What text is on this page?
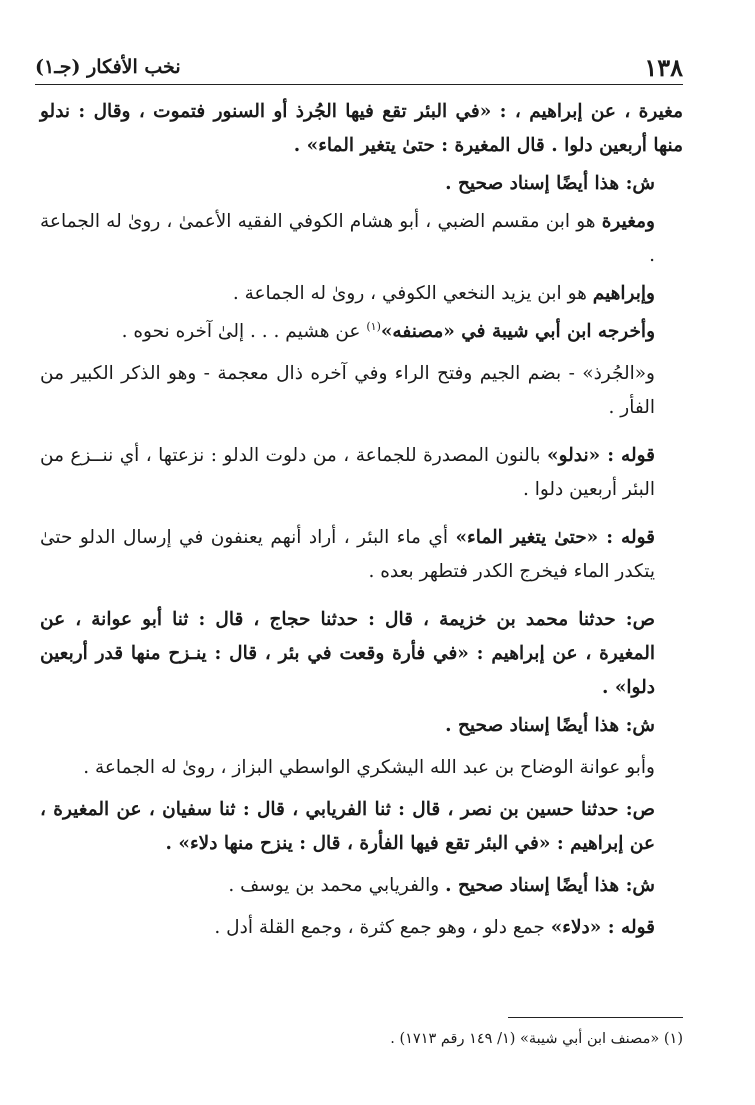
١٣٨
نخب الأفكار (جـ١)

مغيرة ، عن إبراهيم ، : «في البئر تقع فيها الجُرذ أو السنور فتموت ، وقال : ندلو منها أربعين دلوا . قال المغيرة : حتىٰ يتغير الماء» .

ش: هذا أيضًا إسناد صحيح .

ومغيرة هو ابن مقسم الضبي ، أبو هشام الكوفي الفقيه الأعمىٰ ، روىٰ له الجماعة .

وإبراهيم هو ابن يزيد النخعي الكوفي ، روىٰ له الجماعة .

وأخرجه ابن أبي شيبة في «مصنفه»$^{(١)}$ عن هشيم . . . إلىٰ آخره نحوه .

و«الجُرذ» - بضم الجيم وفتح الراء وفي آخره ذال معجمة - وهو الذكر الكبير من الفأر .

قوله : «ندلو» بالنون المصدرة للجماعة ، من دلوت الدلو : نزعتها ، أي ننــزع من البئر أربعين دلوا .

قوله : «حتىٰ يتغير الماء» أي ماء البئر ، أراد أنهم يعنفون في إرسال الدلو حتىٰ يتكدر الماء فيخرج الكدر فتطهر بعده .

ص: حدثنا محمد بن خزيمة ، قال : حدثنا حجاج ، قال : ثنا أبو عوانة ، عن المغيرة ، عن إبراهيم : «في فأرة وقعت في بئر ، قال : ينـزح منها قدر أربعين دلوا» .

ش: هذا أيضًا إسناد صحيح .

وأبو عوانة الوضاح بن عبد الله اليشكري الواسطي البزاز ، روىٰ له الجماعة .

ص: حدثنا حسين بن نصر ، قال : ثنا الفريابي ، قال : ثنا سفيان ، عن المغيرة ، عن إبراهيم : «في البئر تقع فيها الفأرة ، قال : ينزح منها دلاء» .

ش: هذا أيضًا إسناد صحيح . والفريابي محمد بن يوسف .

قوله : «دلاء» جمع دلو ، وهو جمع كثرة ، وجمع القلة أدل .

(١) «مصنف ابن أبي شيبة» (١/ ١٤٩ رقم ١٧١٣) .
